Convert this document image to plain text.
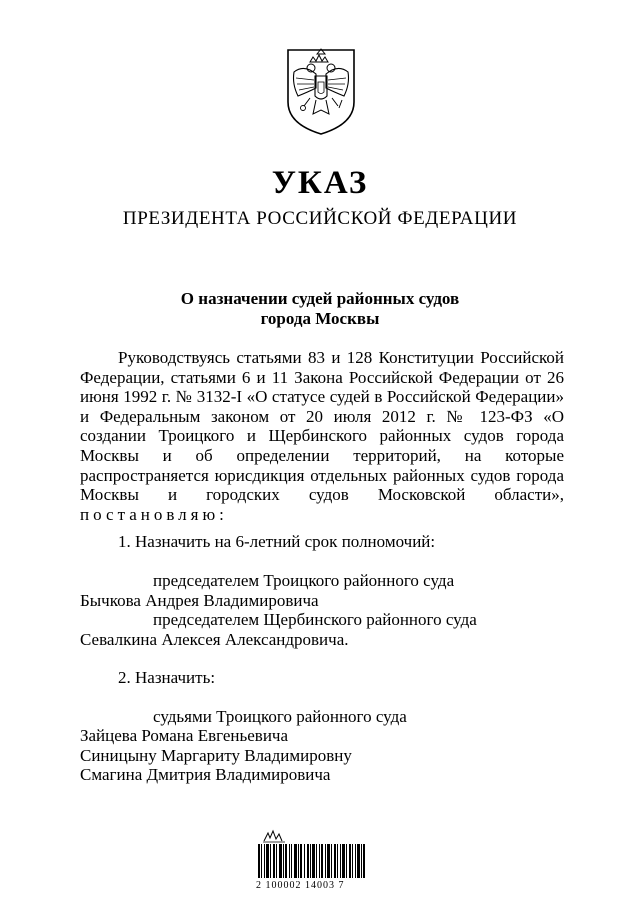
УКАЗ
ПРЕЗИДЕНТА РОССИЙСКОЙ ФЕДЕРАЦИИ
О назначении судей районных судов
города Москвы
Руководствуясь статьями 83 и 128 Конституции Российской Федерации, статьями 6 и 11 Закона Российской Федерации от 26 июня 1992 г. № 3132-I «О статусе судей в Российской Федерации» и Федеральным законом от 20 июля 2012 г. № 123-ФЗ «О создании Троицкого и Щербинского районных судов города Москвы и об определении территорий, на которые распространяется юрисдикция отдельных районных судов города Москвы и городских судов Московской области», постановляю:
1. Назначить на 6-летний срок полномочий:
председателем Троицкого районного суда
Бычкова Андрея Владимировича
председателем Щербинского районного суда
Севалкина Алексея Александровича.
2. Назначить:
судьями Троицкого районного суда
Зайцева Романа Евгеньевича
Синицыну Маргариту Владимировну
Смагина Дмитрия Владимировича
2 100002 14003 7
